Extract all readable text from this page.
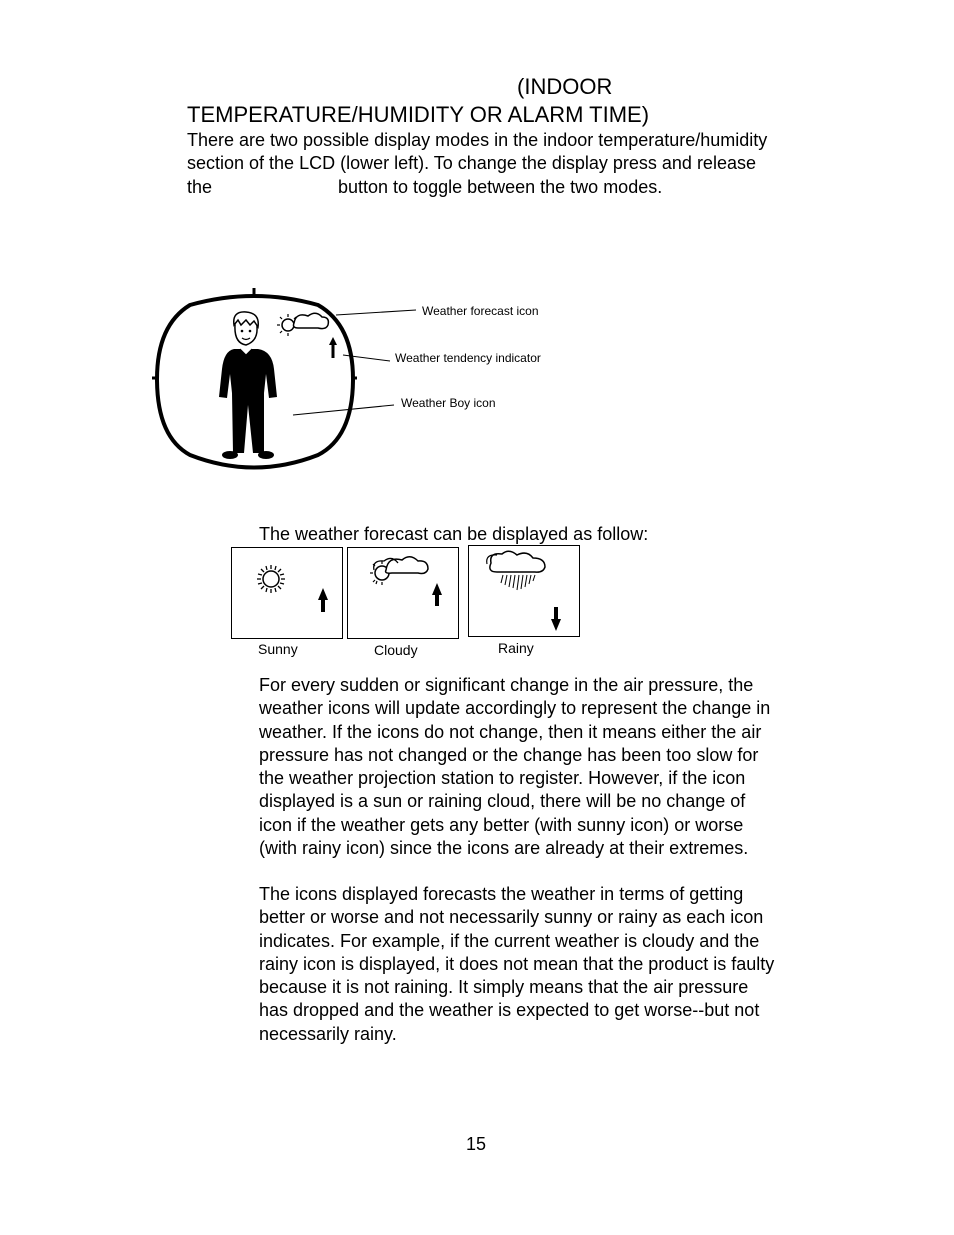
(INDOOR
TEMPERATURE/HUMIDITY OR ALARM TIME)
There are two possible display modes in the indoor temperature/humidity
section of the LCD (lower left). To change the display press and release
the	button to toggle between the two modes.
Weather forecast icon
Weather tendency indicator
Weather Boy icon
The weather forecast can be displayed as follow:
Sunny	Cloudy	Rainy
For every sudden or significant change in the air pressure, the
weather icons will update accordingly to represent the change in
weather. If the icons do not change, then it means either the air
pressure has not changed or the change has been too slow for
the weather projection station to register. However, if the icon
displayed is a sun or raining cloud, there will be no change of
icon if the weather gets any better (with sunny icon) or worse
(with rainy icon) since the icons are already at their extremes.
The icons displayed forecasts the weather in terms of getting
better or worse and not necessarily sunny or rainy as each icon
indicates. For example, if the current weather is cloudy and the
rainy icon is displayed, it does not mean that the product is faulty
because it is not raining. It simply means that the air pressure
has dropped and the weather is expected to get worse--but not
necessarily rainy.
15
